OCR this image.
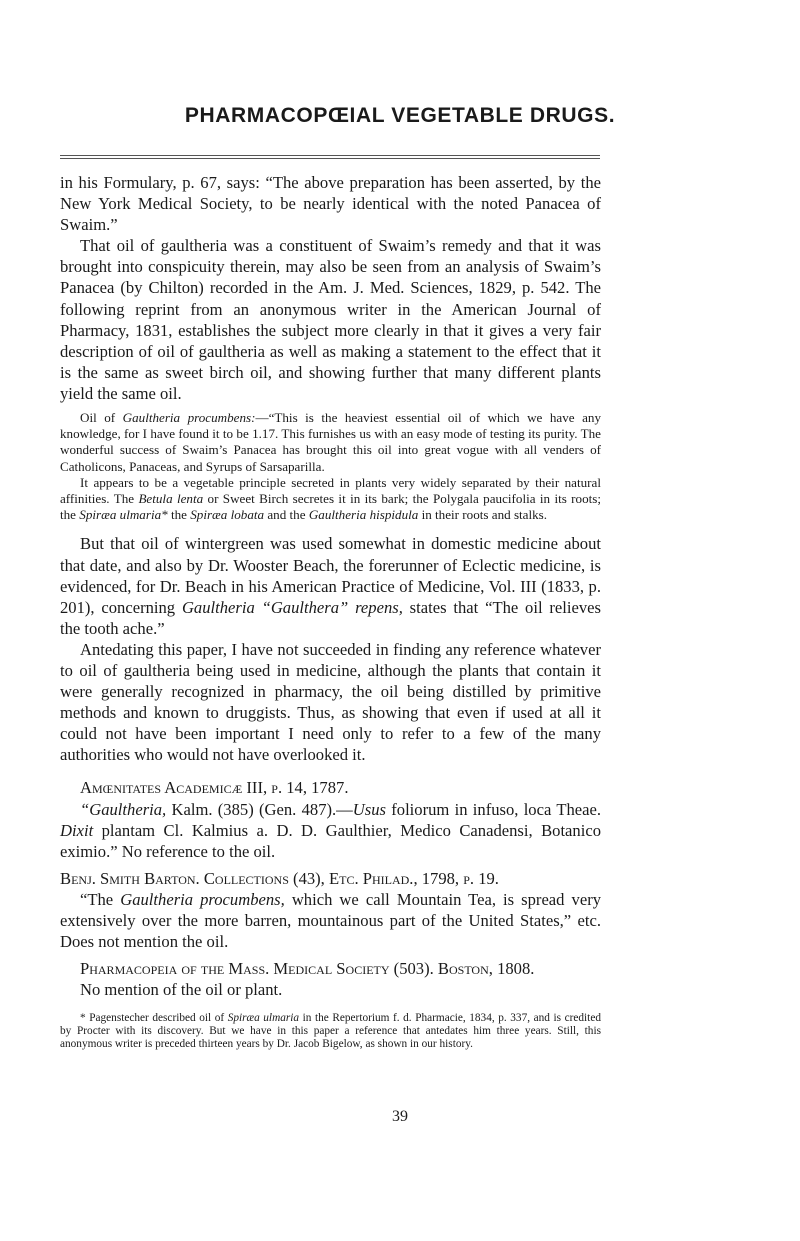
PHARMACOPŒIAL VEGETABLE DRUGS.

in his Formulary, p. 67, says: “The above preparation has been asserted, by the New York Medical Society, to be nearly identical with the noted Panacea of Swaim.”

That oil of gaultheria was a constituent of Swaim’s remedy and that it was brought into conspicuity therein, may also be seen from an analysis of Swaim’s Panacea (by Chilton) recorded in the Am. J. Med. Sciences, 1829, p. 542. The following reprint from an anonymous writer in the American Journal of Pharmacy, 1831, establishes the subject more clearly in that it gives a very fair description of oil of gaultheria as well as making a statement to the effect that it is the same as sweet birch oil, and showing further that many different plants yield the same oil.

Oil of Gaultheria procumbens:—“This is the heaviest essential oil of which we have any knowledge, for I have found it to be 1.17. This furnishes us with an easy mode of testing its purity. The wonderful success of Swaim’s Panacea has brought this oil into great vogue with all venders of Catholicons, Panaceas, and Syrups of Sarsaparilla.

It appears to be a vegetable principle secreted in plants very widely separated by their natural affinities. The Betula lenta or Sweet Birch secretes it in its bark; the Polygala paucifolia in its roots; the Spiræa ulmaria* the Spiræa lobata and the Gaultheria hispidula in their roots and stalks.

But that oil of wintergreen was used somewhat in domestic medicine about that date, and also by Dr. Wooster Beach, the forerunner of Eclectic medicine, is evidenced, for Dr. Beach in his American Practice of Medicine, Vol. III (1833, p. 201), concerning Gaultheria “Gaulthera” repens, states that “The oil relieves the tooth ache.”

Antedating this paper, I have not succeeded in finding any reference whatever to oil of gaultheria being used in medicine, although the plants that contain it were generally recognized in pharmacy, the oil being distilled by primitive methods and known to druggists. Thus, as showing that even if used at all it could not have been important I need only to refer to a few of the many authorities who would not have overlooked it.

Amœnitates Academicæ III, p. 14, 1787.

“Gaultheria, Kalm. (385) (Gen. 487).—Usus foliorum in infuso, loca Theae. Dixit plantam Cl. Kalmius a. D. D. Gaulthier, Medico Canadensi, Botanico eximio.” No reference to the oil.

Benj. Smith Barton. Collections (43), Etc. Philad., 1798, p. 19.

“The Gaultheria procumbens, which we call Mountain Tea, is spread very extensively over the more barren, mountainous part of the United States,” etc. Does not mention the oil.

Pharmacopeia of the Mass. Medical Society (503). Boston, 1808.

No mention of the oil or plant.

* Pagenstecher described oil of Spiræa ulmaria in the Repertorium f. d. Pharmacie, 1834, p. 337, and is credited by Procter with its discovery. But we have in this paper a reference that antedates him three years. Still, this anonymous writer is preceded thirteen years by Dr. Jacob Bigelow, as shown in our history.

39
